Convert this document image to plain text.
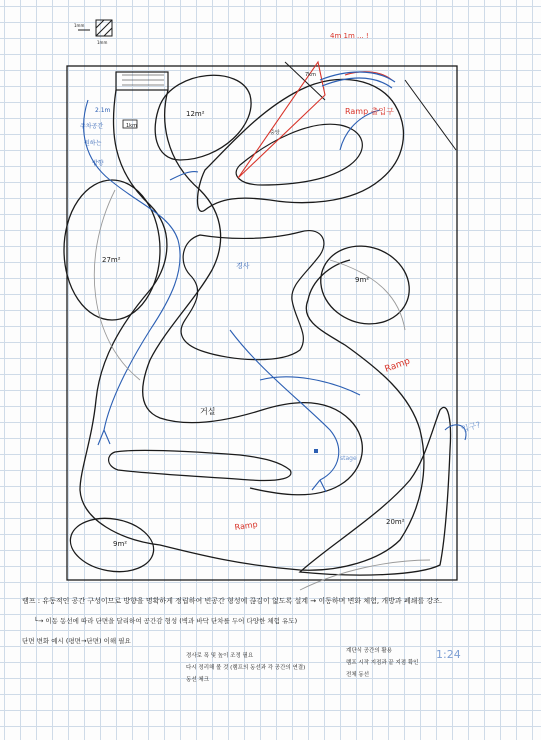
1mm
1mm
4m 1m ... !
Ramp 출입구
Ramp
Ramp
2.1m
주차공간
원하는
방향
입구?
경사
stage
12m²
27m²
9m²
9m²
20m²
1km
7km
거실
중앙
램프 : 유동적인 공간 구성이므로 방향을 명확하게 정립하여 빈공간 형성에 끊김이 없도록 설계 → 이동하며 변화 체험, 개방과 폐쇄를 강조.
└→ 이동 동선에 따라 단면을 달리하여 공간감 형성 (벽과 바닥 단차를 두어 다양한 체험 유도)
단면 변화 예시 (평면→단면) 이해 필요
경사로 폭 및 높이 조정 필요
다시 정리해 볼 것 (램프의 동선과 각 공간의 연결)
동선 체크
계단식 공간의 활용
램프 시작 지점과 끝 지점 확인
전체 동선
1:24
